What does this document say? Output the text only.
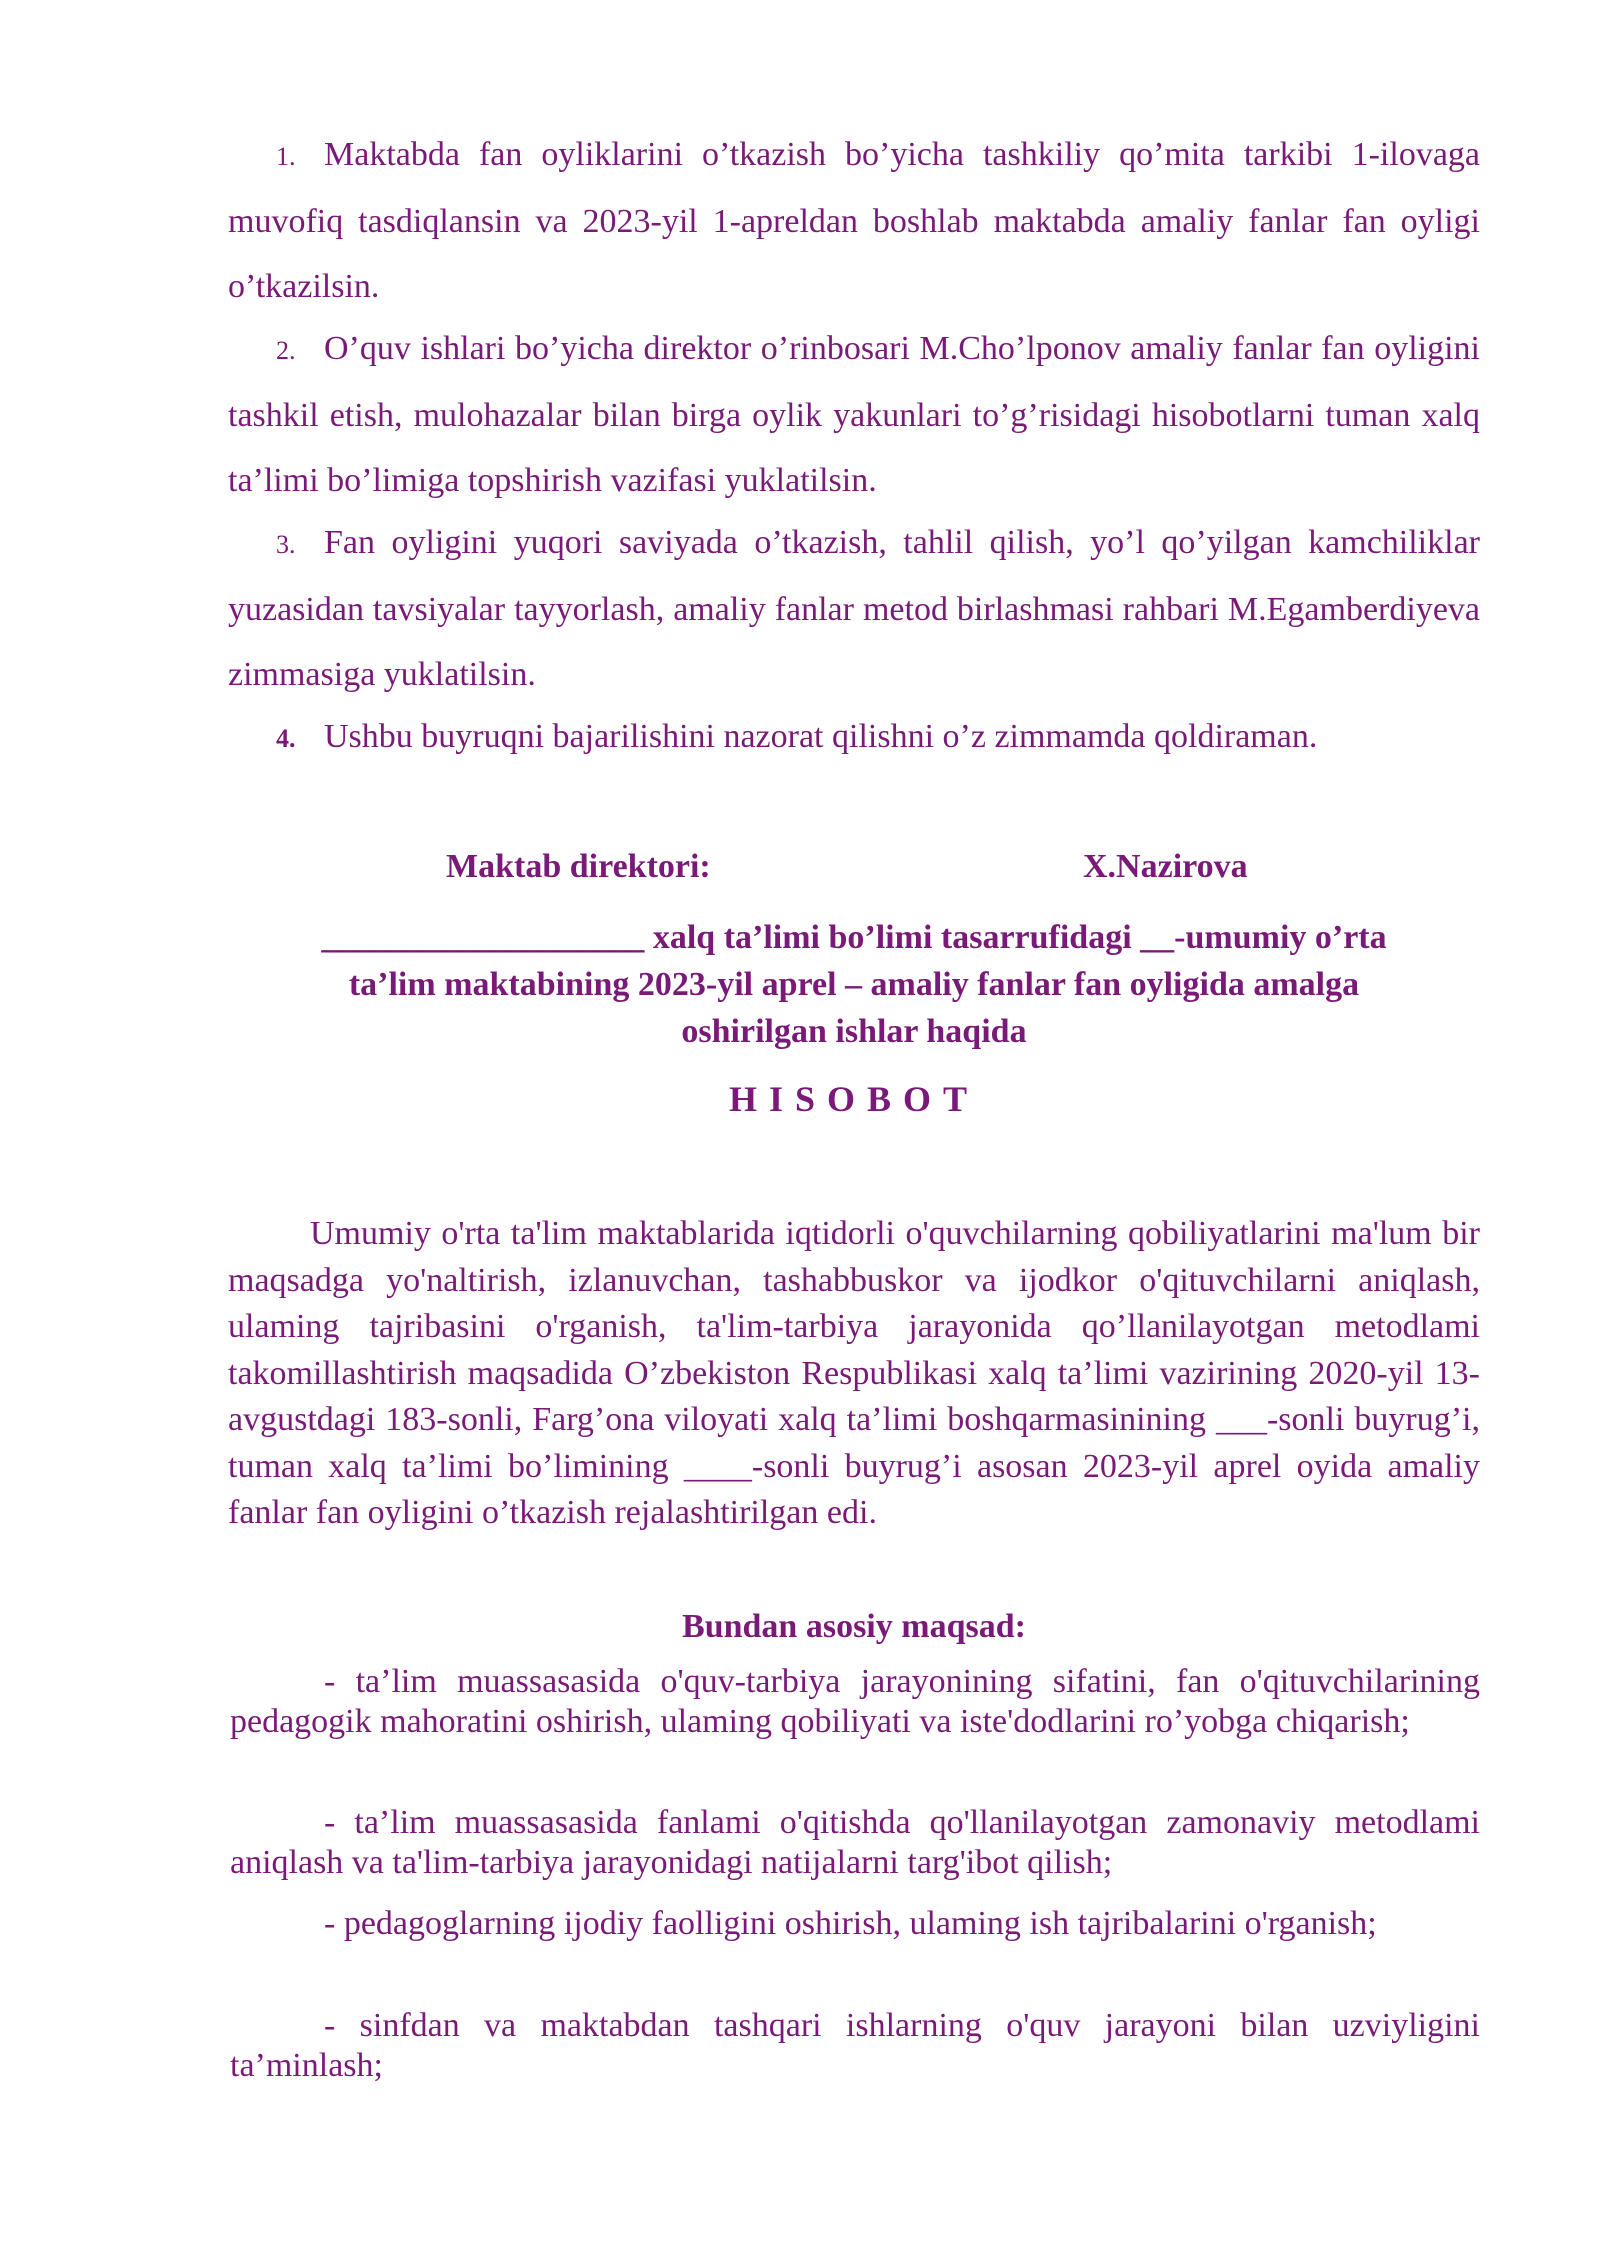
1. Maktabda fan oyliklarini o’tkazish bo’yicha tashkiliy qo’mita tarkibi 1-ilovaga muvofiq tasdiqlansin va 2023-yil 1-apreldan boshlab maktabda amaliy fanlar fan oyligi o’tkazilsin.
2. O’quv ishlari bo’yicha direktor o’rinbosari M.Cho’lponov amaliy fanlar fan oyligini tashkil etish, mulohazalar bilan birga oylik yakunlari to’g’risidagi hisobotlarni tuman xalq ta’limi bo’limiga topshirish vazifasi yuklatilsin.
3. Fan oyligini yuqori saviyada o’tkazish, tahlil qilish, yo’l qo’yilgan kamchiliklar yuzasidan tavsiyalar tayyorlash, amaliy fanlar metod birlashmasi rahbari M.Egamberdiyeva zimmasiga yuklatilsin.
4. Ushbu buyruqni bajarilishini nazorat qilishni o’z zimmamda qoldiraman.
Maktab direktori:	X.Nazirova
___________________ xalq ta’limi bo’limi tasarrufidagi __-umumiy o’rta
ta’lim maktabining 2023-yil aprel – amaliy fanlar fan oyligida amalga
oshirilgan ishlar haqida
HISOBOT
Umumiy o'rta ta'lim maktablarida iqtidorli o'quvchilarning qobiliyatlarini ma'lum bir maqsadga yo'naltirish, izlanuvchan, tashabbuskor va ijodkor o'qituvchilarni aniqlash, ulaming tajribasini o'rganish, ta'lim-tarbiya jarayonida qo’llanilayotgan metodlami takomillashtirish maqsadida O’zbekiston Respublikasi xalq ta’limi vazirining 2020-yil 13-avgustdagi 183-sonli, Farg’ona viloyati xalq ta’limi boshqarmasinining ___-sonli buyrug’i, tuman xalq ta’limi bo’limining ____-sonli buyrug’i asosan 2023-yil aprel oyida amaliy fanlar fan oyligini o’tkazish rejalashtirilgan edi.
Bundan asosiy maqsad:
- ta’lim muassasasida o'quv-tarbiya jarayonining sifatini, fan o'qituvchilarining pedagogik mahoratini oshirish, ulaming qobiliyati va iste'dodlarini ro’yobga chiqarish;
- ta’lim muassasasida fanlami o'qitishda qo'llanilayotgan zamonaviy metodlami aniqlash va ta'lim-tarbiya jarayonidagi natijalarni targ'ibot qilish;
- pedagoglarning ijodiy faolligini oshirish, ulaming ish tajribalarini o'rganish;
- sinfdan va maktabdan tashqari ishlarning o'quv jarayoni bilan uzviyligini ta’minlash;
